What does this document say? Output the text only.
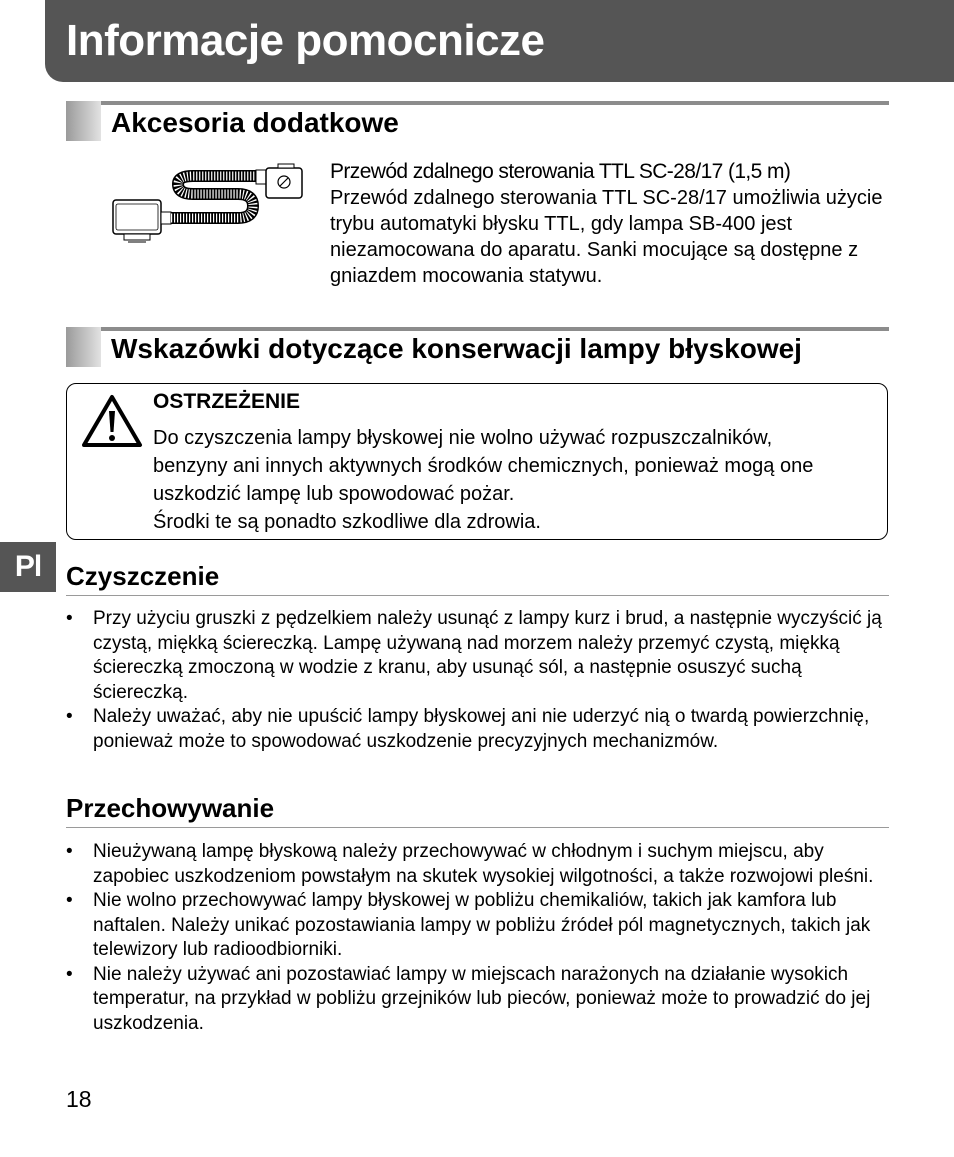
Informacje pomocnicze
Akcesoria dodatkowe

Przewód zdalnego sterowania TTL SC-28/17 (1,5 m)

Przewód zdalnego sterowania TTL SC-28/17 umożliwia użycie trybu automatyki błysku TTL, gdy lampa SB-400 jest niezamocowana do aparatu. Sanki mocujące są dostępne z gniazdem mocowania statywu.

Wskazówki dotyczące konserwacji lampy błyskowej
OSTRZEŻENIE

Do czyszczenia lampy błyskowej nie wolno używać rozpuszczalników,
benzyny ani innych aktywnych środków chemicznych, ponieważ mogą one
uszkodzić lampę lub spowodować pożar.
Środki te są ponadto szkodliwe dla zdrowia.

Pl Czyszczenie
• Przy użyciu gruszki z pędzelkiem należy usunąć z lampy kurz i brud, a następnie wyczyścić ją czystą, miękką ściereczką. Lampę używaną nad morzem należy przemyć czystą, miękką ściereczką zmoczoną w wodzie z kranu, aby usunąć sól, a następnie osuszyć suchą ściereczką.
• Należy uważać, aby nie upuścić lampy błyskowej ani nie uderzyć nią o twardą powierzchnię, ponieważ może to spowodować uszkodzenie precyzyjnych mechanizmów.
Przechowywanie
• Nieużywaną lampę błyskową należy przechowywać w chłodnym i suchym miejscu, aby zapobiec uszkodzeniom powstałym na skutek wysokiej wilgotności, a także rozwojowi pleśni.
• Nie wolno przechowywać lampy błyskowej w pobliżu chemikaliów, takich jak kamfora lub naftalen. Należy unikać pozostawiania lampy w pobliżu źródeł pól magnetycznych, takich jak telewizory lub radioodbiorniki.
• Nie należy używać ani pozostawiać lampy w miejscach narażonych na działanie wysokich temperatur, na przykład w pobliżu grzejników lub pieców, ponieważ może to prowadzić do jej uszkodzenia.

18
